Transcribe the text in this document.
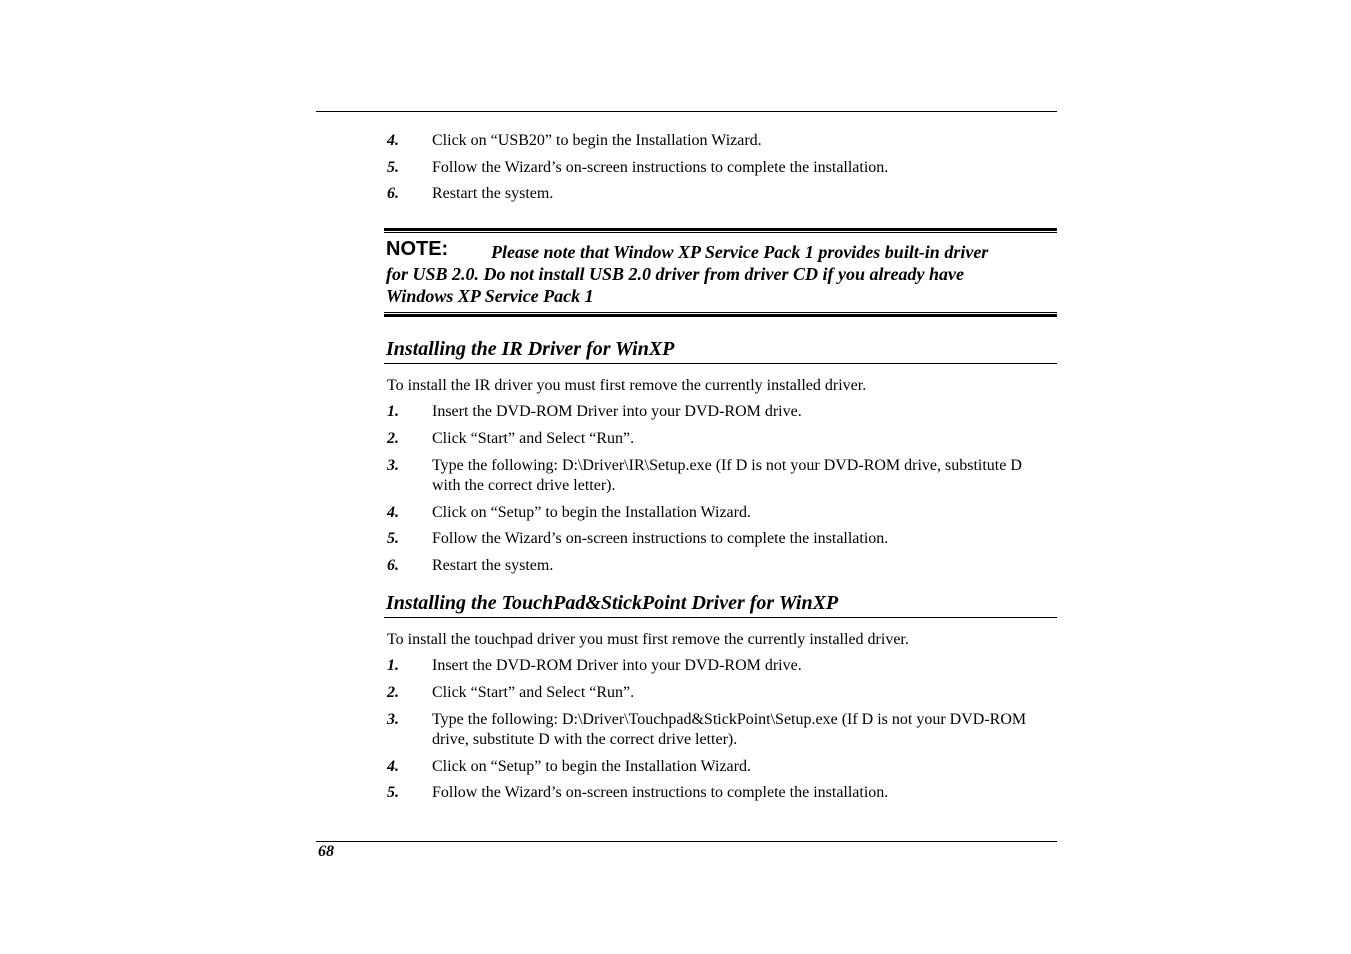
4. Click on “USB20” to begin the Installation Wizard.
5. Follow the Wizard’s on-screen instructions to complete the installation.
6. Restart the system.
NOTE: Please note that Window XP Service Pack 1 provides built-in driver
for USB 2.0. Do not install USB 2.0 driver from driver CD if you already have
Windows XP Service Pack 1
Installing the IR Driver for WinXP
To install the IR driver you must first remove the currently installed driver.
1. Insert the DVD-ROM Driver into your DVD-ROM drive.
2. Click “Start” and Select “Run”.
3. Type the following: D:\Driver\IR\Setup.exe (If D is not your DVD-ROM drive, substitute D with the correct drive letter).
4. Click on “Setup” to begin the Installation Wizard.
5. Follow the Wizard’s on-screen instructions to complete the installation.
6. Restart the system.
Installing the TouchPad&StickPoint Driver for WinXP
To install the touchpad driver you must first remove the currently installed driver.
1. Insert the DVD-ROM Driver into your DVD-ROM drive.
2. Click “Start” and Select “Run”.
3. Type the following: D:\Driver\Touchpad&StickPoint\Setup.exe (If D is not your DVD-ROM drive, substitute D with the correct drive letter).
4. Click on “Setup” to begin the Installation Wizard.
5. Follow the Wizard’s on-screen instructions to complete the installation.
68
